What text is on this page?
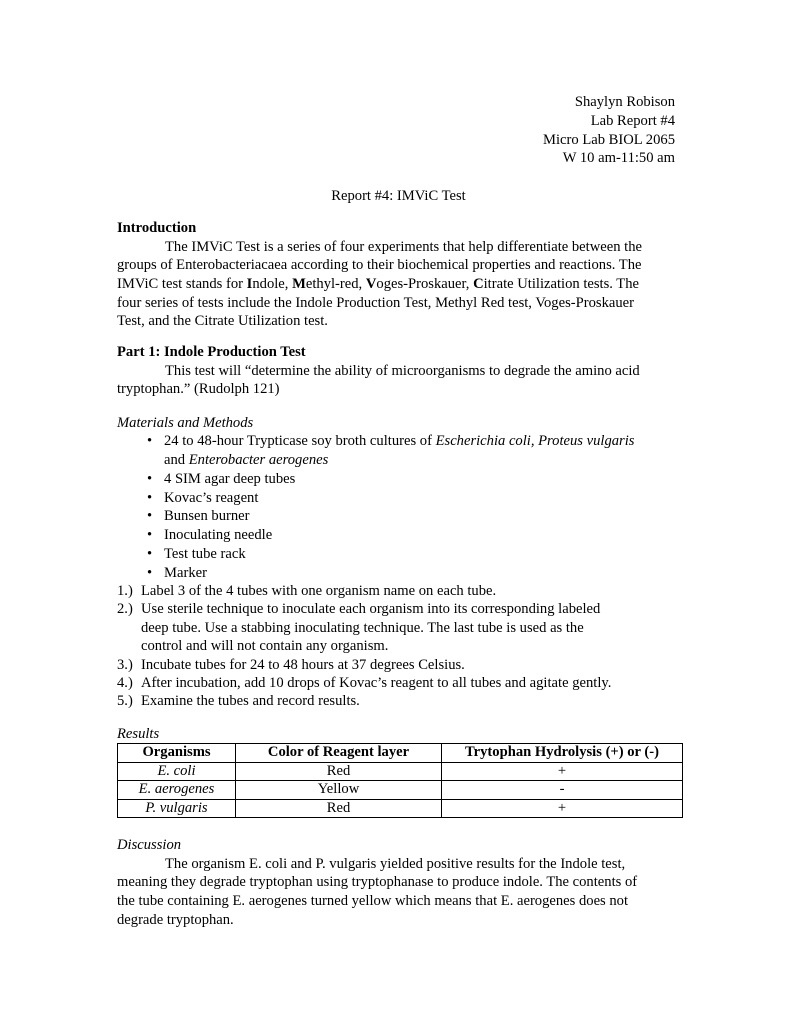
Shaylyn Robison
Lab Report #4
Micro Lab BIOL 2065
W 10 am-11:50 am
Report #4: IMViC Test
Introduction
The IMViC Test is a series of four experiments that help differentiate between the
groups of Enterobacteriacaea according to their biochemical properties and reactions. The
IMViC test stands for Indole, Methyl-red, Voges-Proskauer, Citrate Utilization tests. The
four series of tests include the Indole Production Test, Methyl Red test, Voges-Proskauer
Test, and the Citrate Utilization test.
Part 1: Indole Production Test
This test will “determine the ability of microorganisms to degrade the amino acid
tryptophan.” (Rudolph 121)
Materials and Methods
• 24 to 48-hour Trypticase soy broth cultures of Escherichia coli, Proteus vulgaris
and Enterobacter aerogenes
Results
Organisms	Color of Reagent layer	Trytophan Hydrolysis (+) or (-)
E. coli	Red	+
E. aerogenes	Yellow	-
P. vulgaris	Red	+
Discussion
The organism E. coli and P. vulgaris yielded positive results for the Indole test,
meaning they degrade tryptophan using tryptophanase to produce indole. The contents of
the tube containing E. aerogenes turned yellow which means that E. aerogenes does not
degrade tryptophan.
• 4 SIM agar deep tubes
• Kovac’s reagent
• Bunsen burner
• Inoculating needle
• Test tube rack
• Marker
1.) Label 3 of the 4 tubes with one organism name on each tube.
2.) Use sterile technique to inoculate each organism into its corresponding labeled
deep tube. Use a stabbing inoculating technique. The last tube is used as the
control and will not contain any organism.
3.) Incubate tubes for 24 to 48 hours at 37 degrees Celsius.
4.) After incubation, add 10 drops of Kovac’s reagent to all tubes and agitate gently.
5.) Examine the tubes and record results.
